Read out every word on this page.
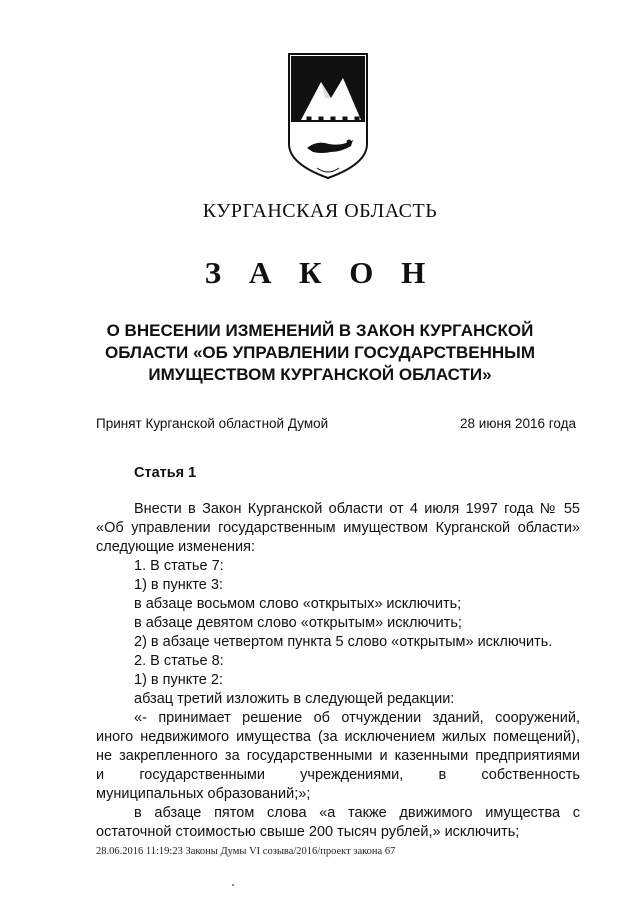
КУРГАНСКАЯ ОБЛАСТЬ
З А К О Н
О ВНЕСЕНИИ ИЗМЕНЕНИЙ В ЗАКОН КУРГАНСКОЙ
ОБЛАСТИ «ОБ УПРАВЛЕНИИ ГОСУДАРСТВЕННЫМ
ИМУЩЕСТВОМ КУРГАНСКОЙ ОБЛАСТИ»
Принят Курганской областной Думой	28 июня 2016 года
Статья 1

Внести в Закон Курганской области от 4 июля 1997 года № 55 «Об управлении государственным имуществом Курганской области» следующие изменения:

1. В статье 7:

1) в пункте 3:

в абзаце восьмом слово «открытых» исключить;

в абзаце девятом слово «открытым» исключить;

2) в абзаце четвертом пункта 5 слово «открытым» исключить.

2. В статье 8:

1) в пункте 2:

абзац третий изложить в следующей редакции:

«- принимает решение об отчуждении зданий, сооружений,

иного недвижимого имущества (за исключением жилых помещений),

не закрепленного за государственными и казенными предприятиями

и государственными учреждениями, в собственность

муниципальных образований;»;

в абзаце пятом слова «а также движимого имущества с остаточной стоимостью свыше 200 тысяч рублей,» исключить;

28.06.2016 11:19:23 Законы Думы VI созыва/2016/проект закона 67
